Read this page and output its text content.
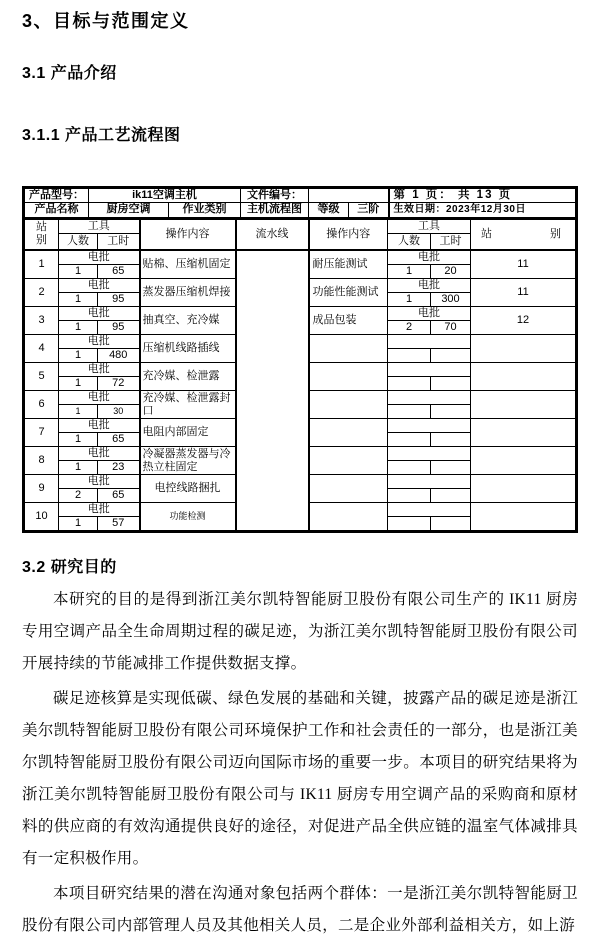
3、目标与范围定义
3.1 产品介绍
3.1.1 产品工艺流程图
产品型号：	ik11空调主机		文件编号：			第 1 页： 共 13 页
产品名称	厨房空调	作业类别	主机流程图	等级	三阶	生效日期：2023年12月30日
站
别	工具		操作内容	流水线	操作内容	工具		站 别

	人数	工时				人数	工时	
1	电批		贴棉、压缩机固定		耐压能测试	电批		11
	1	65				1	20	
2	电批		蒸发器压缩机焊接		功能性能测试	电批		11
	1	95				1	300	
3	电批		抽真空、充冷媒		成品包装	电批		12
	1	95				2	70	
4	电批		压缩机线路插线					
	1	480						
5	电批		充冷媒、检泄露					
	1	72						
6	电批		充冷媒、检泄露封口					
	1	30						
7	电批		电阻内部固定					
	1	65						
8	电批		冷凝器蒸发器与冷热立柱固定					
	1	23						
9	电批		电控线路捆扎					
	2	65						
10	电批		功能检测					
	1	57						
3.2 研究目的

本研究的目的是得到浙江美尔凯特智能厨卫股份有限公司生产的 IK11 厨房专用空调产品全生命周期过程的碳足迹，为浙江美尔凯特智能厨卫股份有限公司开展持续的节能减排工作提供数据支撑。

碳足迹核算是实现低碳、绿色发展的基础和关键，披露产品的碳足迹是浙江美尔凯特智能厨卫股份有限公司环境保护工作和社会责任的一部分，也是浙江美尔凯特智能厨卫股份有限公司迈向国际市场的重要一步。本项目的研究结果将为浙江美尔凯特智能厨卫股份有限公司与 IK11 厨房专用空调产品的采购商和原材料的供应商的有效沟通提供良好的途径，对促进产品全供应链的温室气体减排具有一定积极作用。

本项目研究结果的潜在沟通对象包括两个群体：一是浙江美尔凯特智能厨卫股份有限公司内部管理人员及其他相关人员，二是企业外部利益相关方，如上游
